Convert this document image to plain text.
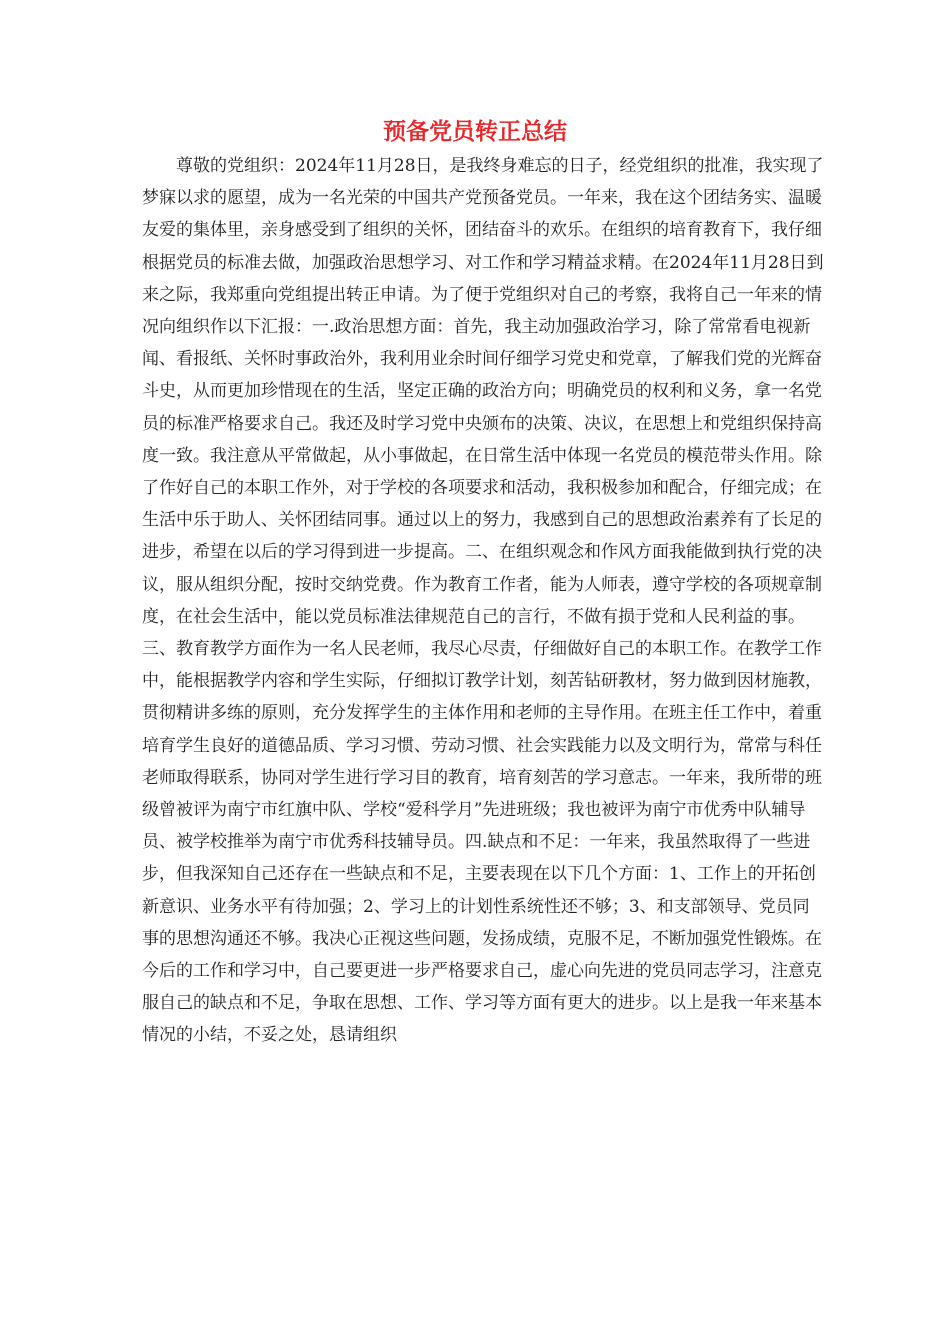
预备党员转正总结

尊敬的党组织：2024年11月28日，是我终身难忘的日子，经党组织的批准，我实现了梦寐以求的愿望，成为一名光荣的中国共产党预备党员。一年来，我在这个团结务实、温暖友爱的集体里，亲身感受到了组织的关怀，团结奋斗的欢乐。在组织的培育教育下，我仔细根据党员的标准去做，加强政治思想学习、对工作和学习精益求精。在2024年11月28日到来之际，我郑重向党组提出转正申请。为了便于党组织对自己的考察，我将自己一年来的情况向组织作以下汇报：一.政治思想方面：首先，我主动加强政治学习，除了常常看电视新闻、看报纸、关怀时事政治外，我利用业余时间仔细学习党史和党章，了解我们党的光辉奋斗史，从而更加珍惜现在的生活，坚定正确的政治方向；明确党员的权利和义务，拿一名党员的标准严格要求自己。我还及时学习党中央颁布的决策、决议，在思想上和党组织保持高度一致。我注意从平常做起，从小事做起，在日常生活中体现一名党员的模范带头作用。除了作好自己的本职工作外，对于学校的各项要求和活动，我积极参加和配合，仔细完成；在生活中乐于助人、关怀团结同事。通过以上的努力，我感到自己的思想政治素养有了长足的进步，希望在以后的学习得到进一步提高。二、在组织观念和作风方面我能做到执行党的决议，服从组织分配，按时交纳党费。作为教育工作者，能为人师表，遵守学校的各项规章制度，在社会生活中，能以党员标准法律规范自己的言行，不做有损于党和人民利益的事。三、教育教学方面作为一名人民老师，我尽心尽责，仔细做好自己的本职工作。在教学工作中，能根据教学内容和学生实际，仔细拟订教学计划，刻苦钻研教材，努力做到因材施教，贯彻精讲多练的原则，充分发挥学生的主体作用和老师的主导作用。在班主任工作中，着重培育学生良好的道德品质、学习习惯、劳动习惯、社会实践能力以及文明行为，常常与科任老师取得联系，协同对学生进行学习目的教育，培育刻苦的学习意志。一年来，我所带的班级曾被评为南宁市红旗中队、学校“爱科学月”先进班级；我也被评为南宁市优秀中队辅导员、被学校推举为南宁市优秀科技辅导员。四.缺点和不足：一年来，我虽然取得了一些进步，但我深知自己还存在一些缺点和不足，主要表现在以下几个方面：1、工作上的开拓创新意识、业务水平有待加强；2、学习上的计划性系统性还不够；3、和支部领导、党员同事的思想沟通还不够。我决心正视这些问题，发扬成绩，克服不足，不断加强党性锻炼。在今后的工作和学习中，自己要更进一步严格要求自己，虚心向先进的党员同志学习，注意克服自己的缺点和不足，争取在思想、工作、学习等方面有更大的进步。以上是我一年来基本情况的小结，不妥之处，恳请组织
